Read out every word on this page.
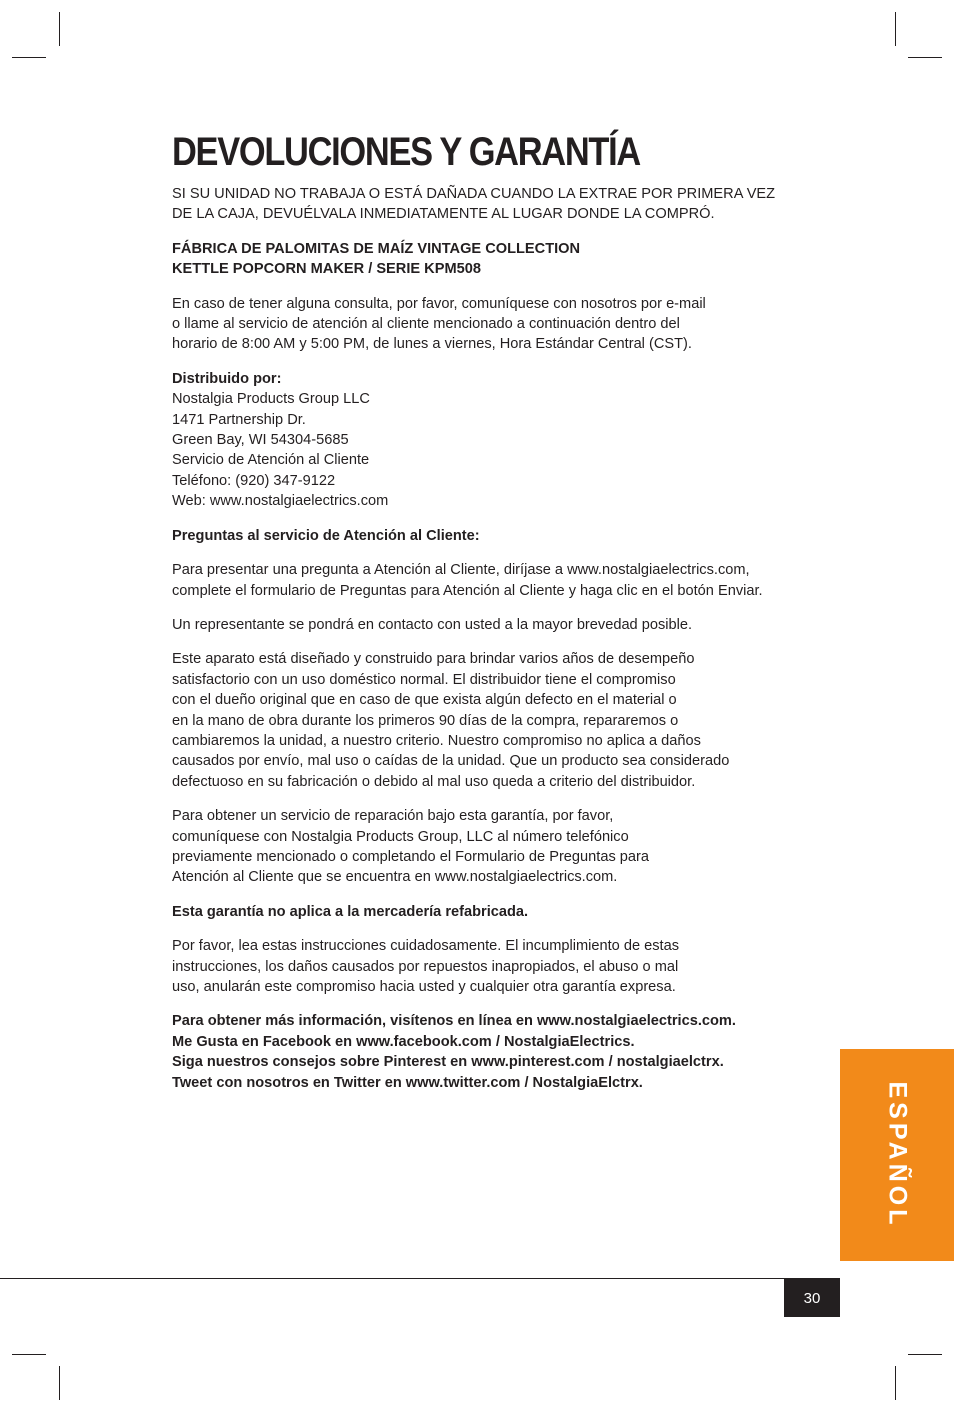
DEVOLUCIONES Y GARANTÍA

SI SU UNIDAD NO TRABAJA O ESTÁ DAÑADA CUANDO LA EXTRAE POR PRIMERA VEZ
DE LA CAJA, DEVUÉLVALA INMEDIATAMENTE AL LUGAR DONDE LA COMPRÓ.

FÁBRICA DE PALOMITAS DE MAÍZ VINTAGE COLLECTION
KETTLE POPCORN MAKER / SERIE KPM508

En caso de tener alguna consulta, por favor, comuníquese con nosotros por e-mail
o llame al servicio de atención al cliente mencionado a continuación dentro del
horario de 8:00 AM y 5:00 PM, de lunes a viernes, Hora Estándar Central (CST).

Distribuido por:
Nostalgia Products Group LLC
1471 Partnership Dr.
Green Bay, WI 54304-5685
Servicio de Atención al Cliente
Teléfono: (920) 347-9122
Web: www.nostalgiaelectrics.com

Preguntas al servicio de Atención al Cliente:

Para presentar una pregunta a Atención al Cliente, diríjase a www.nostalgiaelectrics.com,
complete el formulario de Preguntas para Atención al Cliente y haga clic en el botón Enviar.

Un representante se pondrá en contacto con usted a la mayor brevedad posible.

Este aparato está diseñado y construido para brindar varios años de desempeño
satisfactorio con un uso doméstico normal. El distribuidor tiene el compromiso
con el dueño original que en caso de que exista algún defecto en el material o
en la mano de obra durante los primeros 90 días de la compra, repararemos o
cambiaremos la unidad, a nuestro criterio. Nuestro compromiso no aplica a daños
causados por envío, mal uso o caídas de la unidad. Que un producto sea considerado
defectuoso en su fabricación o debido al mal uso queda a criterio del distribuidor.

Para obtener un servicio de reparación bajo esta garantía, por favor,
comuníquese con Nostalgia Products Group, LLC al número telefónico
previamente mencionado o completando el Formulario de Preguntas para
Atención al Cliente que se encuentra en www.nostalgiaelectrics.com.

Esta garantía no aplica a la mercadería refabricada.

Por favor, lea estas instrucciones cuidadosamente. El incumplimiento de estas
instrucciones, los daños causados por repuestos inapropiados, el abuso o mal
uso, anularán este compromiso hacia usted y cualquier otra garantía expresa.

Para obtener más información, visítenos en línea en www.nostalgiaelectrics.com.
Me Gusta en Facebook en www.facebook.com / NostalgiaElectrics.
Siga nuestros consejos sobre Pinterest en www.pinterest.com / nostalgiaelctrx.
Tweet con nosotros en Twitter en www.twitter.com / NostalgiaElctrx.	ESPAÑOL
30
